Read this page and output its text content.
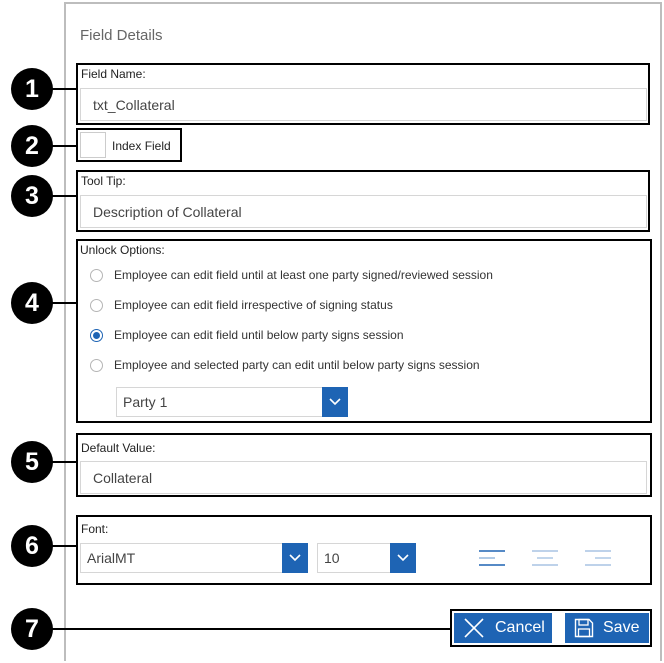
Field Details
1
Field Name:
txt_Collateral
2	Index Field
3
Tool Tip:
Description of Collateral
4
Unlock Options:
Employee can edit field until at least one party signed/reviewed session
Employee can edit field irrespective of signing status
Employee can edit field until below party signs session
Employee and selected party can edit until below party signs session
Party 1
5	Default Value:
Collateral
6
Font:
ArialMT	10
7	Cancel	Save
